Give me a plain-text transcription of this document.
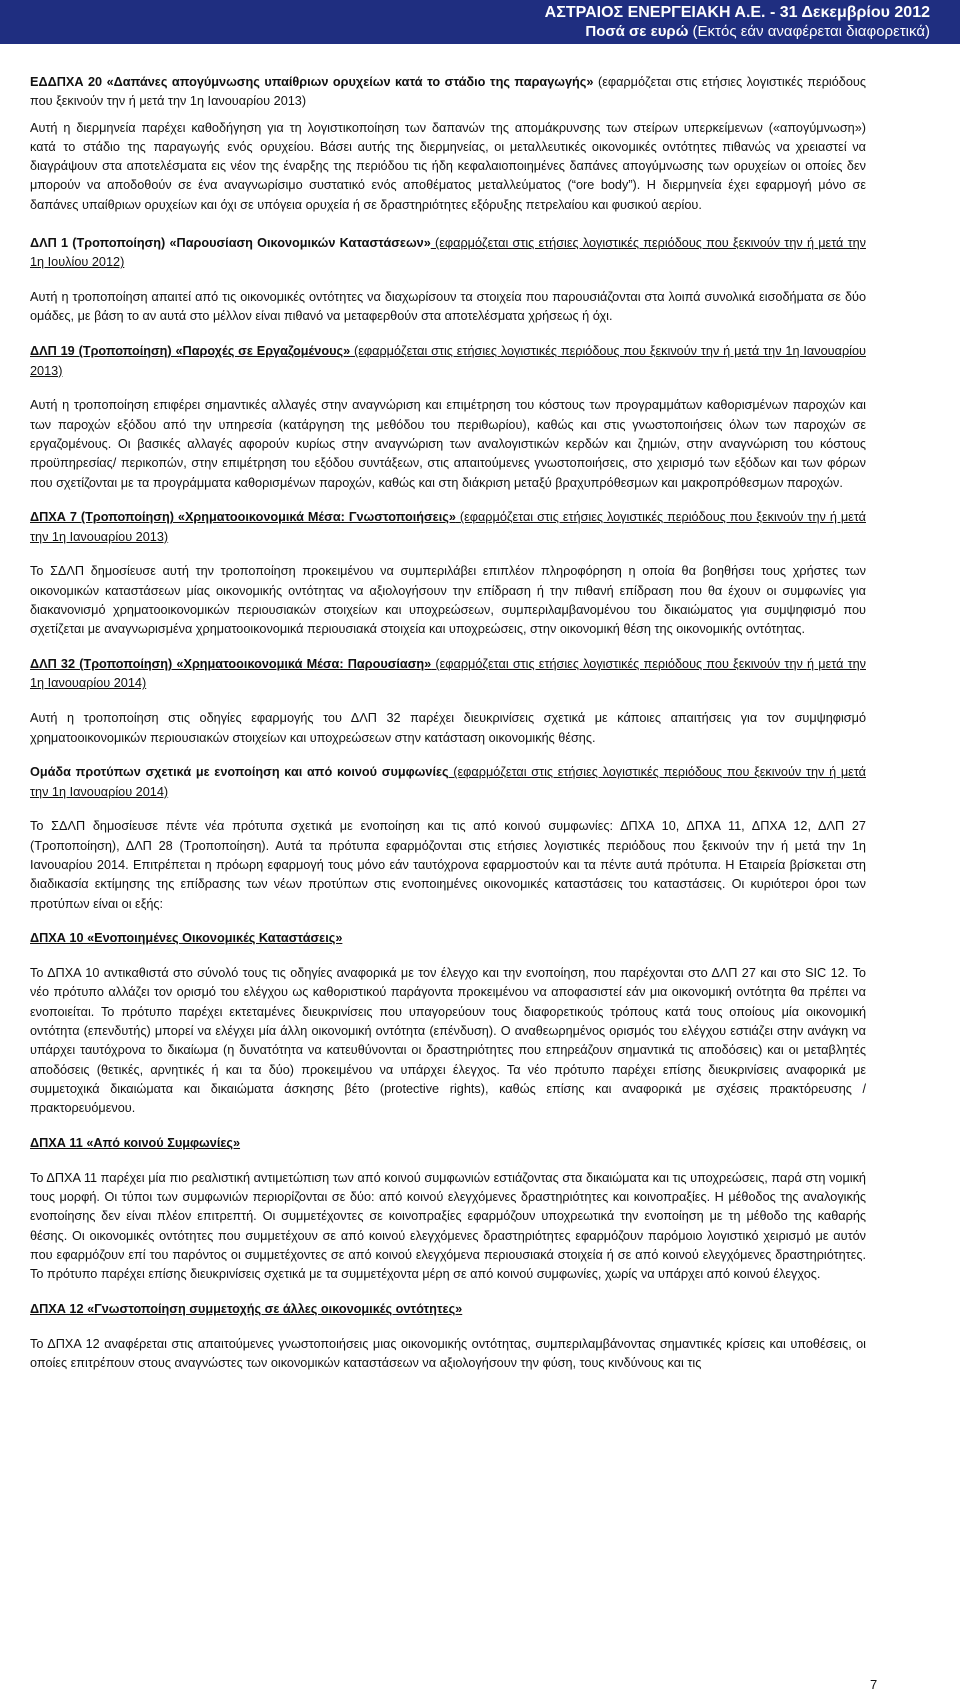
ΑΣΤΡΑΙΟΣ ΕΝΕΡΓΕΙΑΚΗ Α.Ε. - 31 Δεκεμβρίου 2012
Ποσά σε ευρώ (Εκτός εάν αναφέρεται διαφορετικά)

ΕΔΔΠΧΑ 20 «Δαπάνες απογύμνωσης υπαίθριων ορυχείων κατά το στάδιο της παραγωγής» (εφαρμόζεται στις ετήσιες λογιστικές περιόδους που ξεκινούν την ή μετά την 1η Ιανουαρίου 2013)

Αυτή η διερμηνεία παρέχει καθοδήγηση για τη λογιστικοποίηση των δαπανών της απομάκρυνσης των στείρων υπερκείμενων («απογύμνωση») κατά το στάδιο της παραγωγής ενός ορυχείου. Βάσει αυτής της διερμηνείας, οι μεταλλευτικές οικονομικές οντότητες πιθανώς να χρειαστεί να διαγράψουν στα αποτελέσματα εις νέον της έναρξης της περιόδου τις ήδη κεφαλαιοποιημένες δαπάνες απογύμνωσης των ορυχείων οι οποίες δεν μπορούν να αποδοθούν σε ένα αναγνωρίσιμο συστατικό ενός αποθέματος μεταλλεύματος (“ore body”). Η διερμηνεία έχει εφαρμογή μόνο σε δαπάνες υπαίθριων ορυχείων και όχι σε υπόγεια ορυχεία ή σε δραστηριότητες εξόρυξης πετρελαίου και φυσικού αερίου.

ΔΛΠ 1 (Τροποποίηση) «Παρουσίαση Οικονομικών Καταστάσεων» (εφαρμόζεται στις ετήσιες λογιστικές περιόδους που ξεκινούν την ή μετά την 1η Ιουλίου 2012)

Αυτή η τροποποίηση απαιτεί από τις οικονομικές οντότητες να διαχωρίσουν τα στοιχεία που παρουσιάζονται στα λοιπά συνολικά εισοδήματα σε δύο ομάδες, με βάση το αν αυτά στο μέλλον είναι πιθανό να μεταφερθούν στα αποτελέσματα χρήσεως ή όχι.

ΔΛΠ 19 (Τροποποίηση) «Παροχές σε Εργαζομένους» (εφαρμόζεται στις ετήσιες λογιστικές περιόδους που ξεκινούν την ή μετά την 1η Ιανουαρίου 2013)

Αυτή η τροποποίηση επιφέρει σημαντικές αλλαγές στην αναγνώριση και επιμέτρηση του κόστους των προγραμμάτων καθορισμένων παροχών και των παροχών εξόδου από την υπηρεσία (κατάργηση της μεθόδου του περιθωρίου), καθώς και στις γνωστοποιήσεις όλων των παροχών σε εργαζομένους. Οι βασικές αλλαγές αφορούν κυρίως στην αναγνώριση των αναλογιστικών κερδών και ζημιών, στην αναγνώριση του κόστους προϋπηρεσίας/ περικοπών, στην επιμέτρηση του εξόδου συντάξεων, στις απαιτούμενες γνωστοποιήσεις, στο χειρισμό των εξόδων και των φόρων που σχετίζονται με τα προγράμματα καθορισμένων παροχών, καθώς και στη διάκριση μεταξύ βραχυπρόθεσμων και μακροπρόθεσμων παροχών.

ΔΠΧΑ 7 (Τροποποίηση) «Χρηματοοικονομικά Μέσα: Γνωστοποιήσεις» (εφαρμόζεται στις ετήσιες λογιστικές περιόδους που ξεκινούν την ή μετά την 1η Ιανουαρίου 2013)

Το ΣΔΛΠ δημοσίευσε αυτή την τροποποίηση προκειμένου να συμπεριλάβει επιπλέον πληροφόρηση η οποία θα βοηθήσει τους χρήστες των οικονομικών καταστάσεων μίας οικονομικής οντότητας να αξιολογήσουν την επίδραση ή την πιθανή επίδραση που θα έχουν οι συμφωνίες για διακανονισμό χρηματοοικονομικών περιουσιακών στοιχείων και υποχρεώσεων, συμπεριλαμβανομένου του δικαιώματος για συμψηφισμό που σχετίζεται με αναγνωρισμένα χρηματοοικονομικά περιουσιακά στοιχεία και υποχρεώσεις, στην οικονομική θέση της οικονομικής οντότητας.

ΔΛΠ 32 (Τροποποίηση) «Χρηματοοικονομικά Μέσα: Παρουσίαση» (εφαρμόζεται στις ετήσιες λογιστικές περιόδους που ξεκινούν την ή μετά την 1η Ιανουαρίου 2014)

Αυτή η τροποποίηση στις οδηγίες εφαρμογής του ΔΛΠ 32 παρέχει διευκρινίσεις σχετικά με κάποιες απαιτήσεις για τον συμψηφισμό χρηματοοικονομικών περιουσιακών στοιχείων και υποχρεώσεων στην κατάσταση οικονομικής θέσης.

Ομάδα προτύπων σχετικά με ενοποίηση και από κοινού συμφωνίες (εφαρμόζεται στις ετήσιες λογιστικές περιόδους που ξεκινούν την ή μετά την 1η Ιανουαρίου 2014)

Το ΣΔΛΠ δημοσίευσε πέντε νέα πρότυπα σχετικά με ενοποίηση και τις από κοινού συμφωνίες: ΔΠΧΑ 10, ΔΠΧΑ 11, ΔΠΧΑ 12, ΔΛΠ 27 (Τροποποίηση), ΔΛΠ 28 (Τροποποίηση). Αυτά τα πρότυπα εφαρμόζονται στις ετήσιες λογιστικές περιόδους που ξεκινούν την ή μετά την 1η Ιανουαρίου 2014. Επιτρέπεται η πρόωρη εφαρμογή τους μόνο εάν ταυτόχρονα εφαρμοστούν και τα πέντε αυτά πρότυπα. Η Εταιρεία βρίσκεται στη διαδικασία εκτίμησης της επίδρασης των νέων προτύπων στις ενοποιημένες οικονομικές καταστάσεις του καταστάσεις. Οι κυριότεροι όροι των προτύπων είναι οι εξής:

ΔΠΧΑ 10 «Ενοποιημένες Οικονομικές Καταστάσεις»

Το ΔΠΧΑ 10 αντικαθιστά στο σύνολό τους τις οδηγίες αναφορικά με τον έλεγχο και την ενοποίηση, που παρέχονται στο ΔΛΠ 27 και στο SIC 12. Το νέο πρότυπο αλλάζει τον ορισμό του ελέγχου ως καθοριστικού παράγοντα προκειμένου να αποφασιστεί εάν μια οικονομική οντότητα θα πρέπει να ενοποιείται. Το πρότυπο παρέχει εκτεταμένες διευκρινίσεις που υπαγορεύουν τους διαφορετικούς τρόπους κατά τους οποίους μία οικονομική οντότητα (επενδυτής) μπορεί να ελέγχει μία άλλη οικονομική οντότητα (επένδυση). Ο αναθεωρημένος ορισμός του ελέγχου εστιάζει στην ανάγκη να υπάρχει ταυτόχρονα το δικαίωμα (η δυνατότητα να κατευθύνονται οι δραστηριότητες που επηρεάζουν σημαντικά τις αποδόσεις) και οι μεταβλητές αποδόσεις (θετικές, αρνητικές ή και τα δύο) προκειμένου να υπάρχει έλεγχος. Τα νέο πρότυπο παρέχει επίσης διευκρινίσεις αναφορικά με συμμετοχικά δικαιώματα και δικαιώματα άσκησης βέτο (protective rights), καθώς επίσης και αναφορικά με σχέσεις πρακτόρευσης / πρακτορευόμενου.

ΔΠΧΑ 11 «Από κοινού Συμφωνίες»

Το ΔΠΧΑ 11 παρέχει μία πιο ρεαλιστική αντιμετώπιση των από κοινού συμφωνιών εστιάζοντας στα δικαιώματα και τις υποχρεώσεις, παρά στη νομική τους μορφή. Οι τύποι των συμφωνιών περιορίζονται σε δύο: από κοινού ελεγχόμενες δραστηριότητες και κοινοπραξίες. Η μέθοδος της αναλογικής ενοποίησης δεν είναι πλέον επιτρεπτή. Οι συμμετέχοντες σε κοινοπραξίες εφαρμόζουν υποχρεωτικά την ενοποίηση με τη μέθοδο της καθαρής θέσης. Οι οικονομικές οντότητες που συμμετέχουν σε από κοινού ελεγχόμενες δραστηριότητες εφαρμόζουν παρόμοιο λογιστικό χειρισμό με αυτόν που εφαρμόζουν επί του παρόντος οι συμμετέχοντες σε από κοινού ελεγχόμενα περιουσιακά στοιχεία ή σε από κοινού ελεγχόμενες δραστηριότητες. Το πρότυπο παρέχει επίσης διευκρινίσεις σχετικά με τα συμμετέχοντα μέρη σε από κοινού συμφωνίες, χωρίς να υπάρχει από κοινού έλεγχος.

ΔΠΧΑ 12 «Γνωστοποίηση συμμετοχής σε άλλες οικονομικές οντότητες»

Το ΔΠΧΑ 12 αναφέρεται στις απαιτούμενες γνωστοποιήσεις μιας οικονομικής οντότητας, συμπεριλαμβάνοντας σημαντικές κρίσεις και υποθέσεις, οι οποίες επιτρέπουν στους αναγνώστες των οικονομικών καταστάσεων να αξιολογήσουν την φύση, τους κινδύνους και τις

7
